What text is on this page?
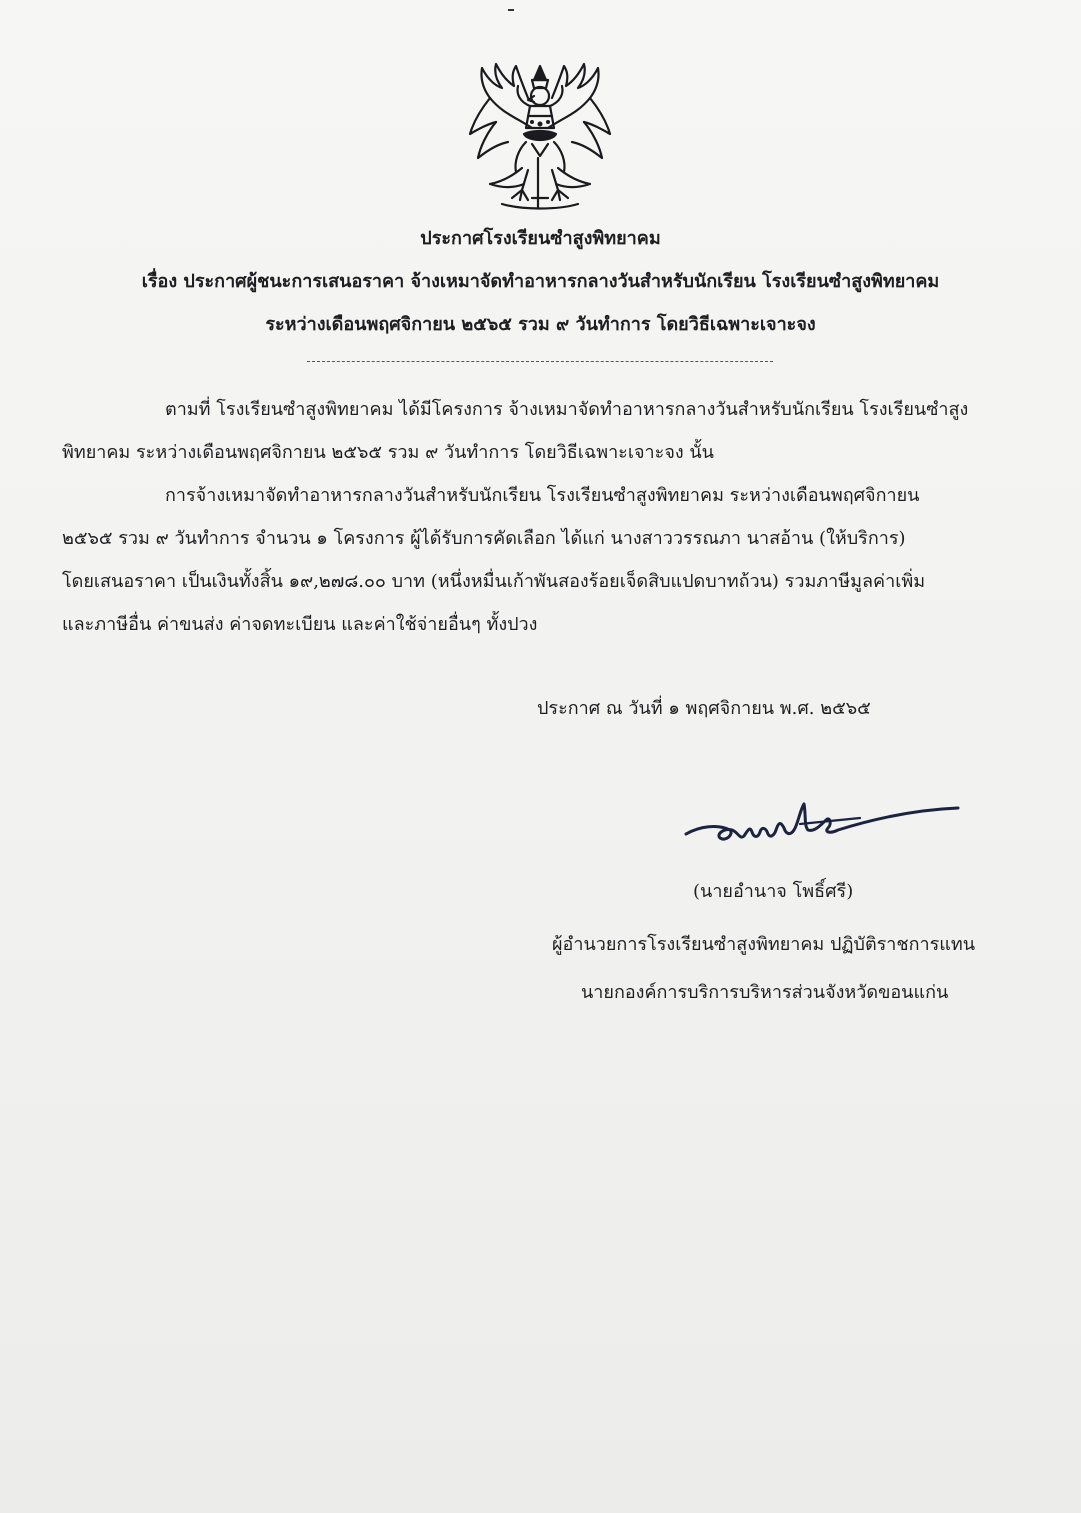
ประกาศโรงเรียนซำสูงพิทยาคม
เรื่อง ประกาศผู้ชนะการเสนอราคา จ้างเหมาจัดทำอาหารกลางวันสำหรับนักเรียน โรงเรียนซำสูงพิทยาคม
ระหว่างเดือนพฤศจิกายน ๒๕๖๕ รวม ๙ วันทำการ โดยวิธีเฉพาะเจาะจง
ตามที่ โรงเรียนซำสูงพิทยาคม ได้มีโครงการ จ้างเหมาจัดทำอาหารกลางวันสำหรับนักเรียน โรงเรียนซำสูง
พิทยาคม ระหว่างเดือนพฤศจิกายน ๒๕๖๕ รวม ๙ วันทำการ โดยวิธีเฉพาะเจาะจง นั้น
การจ้างเหมาจัดทำอาหารกลางวันสำหรับนักเรียน โรงเรียนซำสูงพิทยาคม ระหว่างเดือนพฤศจิกายน
๒๕๖๕ รวม ๙ วันทำการ จำนวน ๑ โครงการ ผู้ได้รับการคัดเลือก ได้แก่ นางสาววรรณภา นาสอ้าน (ให้บริการ)
โดยเสนอราคา เป็นเงินทั้งสิ้น ๑๙,๒๗๘.๐๐ บาท (หนึ่งหมื่นเก้าพันสองร้อยเจ็ดสิบแปดบาทถ้วน) รวมภาษีมูลค่าเพิ่ม
และภาษีอื่น ค่าขนส่ง ค่าจดทะเบียน และค่าใช้จ่ายอื่นๆ ทั้งปวง
ประกาศ ณ วันที่ ๑ พฤศจิกายน พ.ศ. ๒๕๖๕
(นายอำนาจ โพธิ์ศรี)
ผู้อำนวยการโรงเรียนซำสูงพิทยาคม ปฏิบัติราชการแทน
นายกองค์การบริการบริหารส่วนจังหวัดขอนแก่น
